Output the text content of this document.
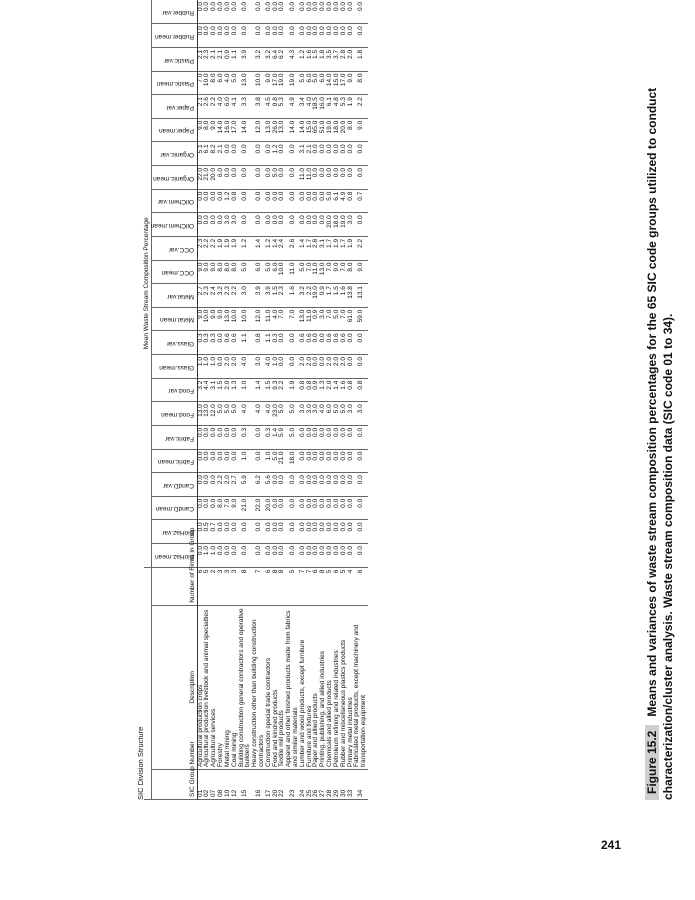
241
SIC Division Structure
			Mean Waste Stream Composition Percentage																							
SIC Group Number	Description	Number of Firms in Group	BioHaz.mean	BioHaz.var	CandD.mean	CandD.var	Fabric.mean	Fabric.var	Food.mean	Food.var	Glass.mean	Glass.var	Metal.mean	Metal.var	OCC.mean	OCC.var	OilChem.mean	OilChem.var	Organic.mean	Organic.var	Paper.mean	Paper.var	Plastic.mean	Plastic.var	Rubber.mean	Rubber.var
01	Agricultural production crops	6	0.0	0.0	0.0	0.0	0.0	0.0	13.0	3.2	1.0	0.3	9.0	2.7	9.0	2.3	0.0	0.0	22.0	5.1	9.0	2.1	7.0	2.1	0.0	0.0
02	Agricultural production livestock and animal specialties	5	1.0	0.5	0.0	0.0	0.0	0.0	13.0	4.4	1.0	0.3	10.0	2.3	9.0	2.2	0.0	0.0	21.0	6.1	8.0	2.6	10.0	2.3	0.0	0.0
07	Agricultural services	2	1.0	0.7	0.0	0.0	0.0	0.0	12.0	3.1	1.0	0.3	9.0	2.4	9.0	2.2	0.0	0.0	20.0	8.2	9.0	2.2	8.0	2.1	0.0	0.0
08	Forestry	3	0.0	0.0	8.0	2.2	0.0	0.0	5.0	1.5	0.0	0.0	9.0	3.2	8.0	1.9	0.0	0.0	6.0	2.1	14.0	4.0	6.0	2.1	0.0	0.0
10	Metal mining	3	0.0	0.0	7.0	2.0	0.0	0.0	5.0	2.0	2.0	0.6	13.0	2.3	8.0	1.9	3.0	1.2	0.0	0.0	16.0	6.0	4.0	0.9	0.0	0.0
12	Coal mining	3	0.0	0.0	9.0	2.7	0.0	0.0	5.0	1.3	2.0	0.6	10.0	2.2	8.0	1.9	3.0	0.8	0.0	0.0	17.0	4.1	5.0	1.1	0.0	0.0
15	Building construction general contractors and operative builders	8	0.0	0.0	21.0	5.9	1.0	0.3	4.0	1.0	4.0	1.1	10.0	3.0	5.0	1.2	0.0	0.0	0.0	0.0	14.0	3.3	13.0	3.9	0.0	0.0
16	Heavy construction other than building construction contractors	7	0.0	0.0	22.0	6.2	0.0	0.0	4.0	1.4	3.0	0.8	12.0	3.9	6.0	1.4	0.0	0.0	0.0	0.0	12.0	3.8	10.0	3.2	0.0	0.0
17	Construction special trade contractors	6	0.0	0.0	20.0	5.6	1.0	0.3	4.0	1.5	4.0	1.1	11.0	3.9	5.0	1.2	0.0	0.0	0.0	0.0	13.0	4.5	9.0	3.2	0.0	0.0
20	Food and kindred products	8	0.0	0.0	0.0	0.0	5.0	1.4	23.0	9.3	1.0	0.3	4.0	1.5	6.0	1.4	0.0	0.0	5.0	1.2	26.0	9.8	17.0	6.4	0.0	0.0
22	Textile mill products	8	0.0	0.0	0.0	0.0	21.0	5.9	5.0	2.2	0.0	0.0	7.0	2.3	10.0	2.4	0.0	0.0	0.0	0.0	13.0	5.3	19.0	6.2	0.0	0.0
23	Apparel and other finished products made from fabrics and similar materials	5	0.0	0.0	0.0	0.0	18.0	5.0	5.0	1.9	0.0	0.0	7.0	1.6	11.0	2.6	0.0	0.0	0.0	0.0	14.0	4.9	19.0	4.3	0.0	0.0
24	Lumber and wood products, except furniture	7	0.0	0.0	0.0	0.0	0.0	0.0	3.0	0.8	2.0	0.6	13.0	3.2	5.0	1.4	0.0	0.0	11.0	3.1	14.0	3.4	5.0	1.2	0.0	0.0
25	Furniture and fixtures	7	0.0	0.0	0.0	0.0	0.0	0.0	3.0	0.8	2.0	0.6	11.0	2.2	7.0	1.7	0.0	0.0	11.0	2.1	15.0	4.0	6.0	1.6	0.0	0.0
26	Paper and allied products	6	0.0	0.0	0.0	0.0	0.0	0.0	3.0	0.9	0.0	0.0	0.9	19.0	11.0	2.8	0.0	0.0	0.0	0.0	65.0	18.5	5.0	1.5	0.0	0.0
27	Printing, publishing, and allied industries	8	0.0	0.0	0.0	0.0	0.0	0.0	4.0	1.3	0.0	0.0	3.0	0.9	13.0	3.1	0.0	0.0	0.0	0.0	51.0	16.0	6.0	1.8	0.0	0.0
28	Chemicals and allied products	5	0.0	0.0	0.0	0.0	0.0	0.0	6.0	2.0	2.0	0.6	7.0	1.7	7.0	1.7	20.0	5.0	0.0	0.0	19.0	6.1	14.0	3.5	0.0	0.0
29	Petroleum refining and related industries	6	0.0	0.0	0.0	0.0	0.0	0.0	5.0	1.4	2.0	0.6	5.0	1.5	9.0	1.9	18.0	6.1	0.0	0.0	18.0	4.8	15.0	3.7	0.0	0.0
30	Rubber and miscellaneous plastics products	5	0.0	0.0	0.0	0.0	0.0	0.0	5.0	1.6	2.0	0.6	7.0	1.6	7.0	1.7	19.0	4.9	0.0	0.0	20.0	5.3	17.0	2.8	0.0	0.0
33	Primary metal industries	4	0.0	0.0	0.0	0.0	0.0	0.0	3.0	0.8	0.0	0.0	61.0	13.8	8.0	1.9	3.0	0.8	0.0	0.0	8.0	1.9	9.0	2.0	0.0	0.0
34	Fabricated metal products, except machinery and transportation equipment	6	0.0	0.0	0.0	0.0	0.0	0.0	3.0	0.8	0.0	0.0	59.0	13.1	9.0	2.2	0.0	0.7	0.0	0.0	9.0	2.2	8.0	1.8	0.0	0.0
Figure 15.2Means and variances of waste stream composition percentages for the 65 SIC code groups utilized to conduct characterization/cluster analysis. Waste stream composition data (SIC code 01 to 34).
